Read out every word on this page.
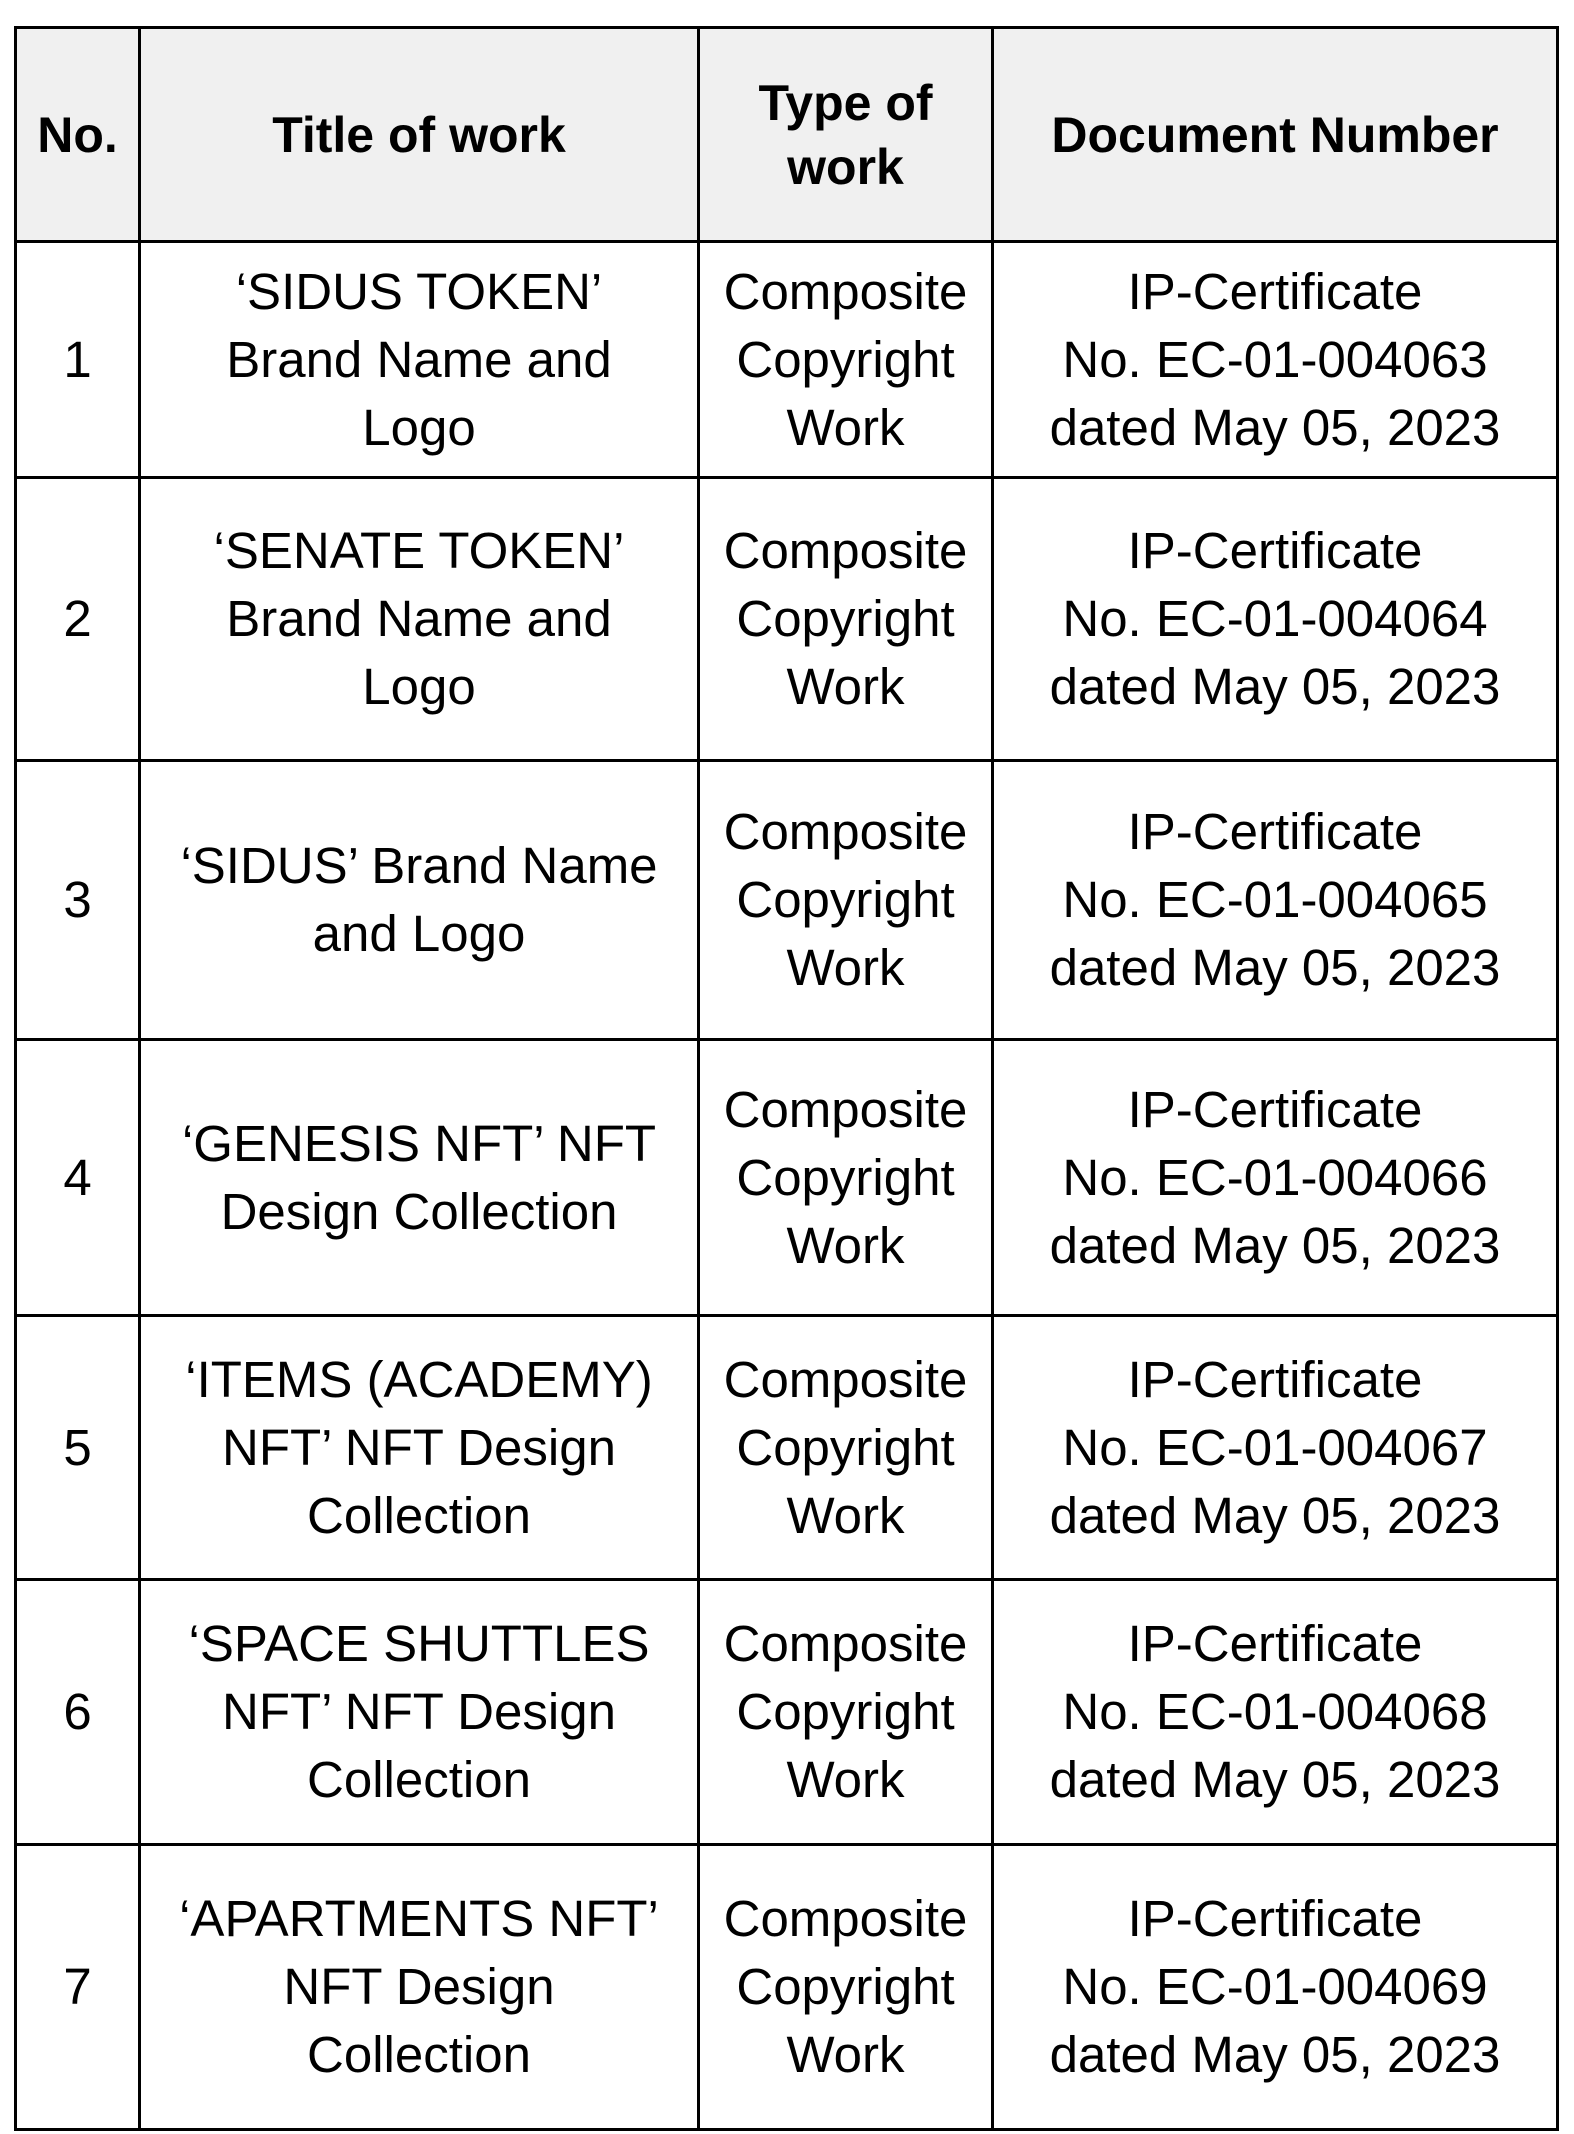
No.	Title of work	Type of
work	Document Number
1	‘SIDUS TOKEN’
Brand Name and
Logo	Composite
Copyright
Work	IP-Certificate
No. EC-01-004063
dated May 05, 2023

2	‘SENATE TOKEN’
Brand Name and
Logo	Composite
Copyright
Work	IP-Certificate
No. EC-01-004064
dated May 05, 2023

3	‘SIDUS’ Brand Name
and Logo	Composite
Copyright
Work	IP-Certificate
No. EC-01-004065
dated May 05, 2023

4	‘GENESIS NFT’ NFT
Design Collection	Composite
Copyright
Work	IP-Certificate
No. EC-01-004066
dated May 05, 2023

5	‘ITEMS (ACADEMY)
NFT’ NFT Design
Collection	Composite
Copyright
Work	IP-Certificate
No. EC-01-004067
dated May 05, 2023

6	‘SPACE SHUTTLES
NFT’ NFT Design
Collection	Composite
Copyright
Work	IP-Certificate
No. EC-01-004068
dated May 05, 2023

7	‘APARTMENTS NFT’
NFT Design
Collection	Composite
Copyright
Work	IP-Certificate
No. EC-01-004069
dated May 05, 2023
